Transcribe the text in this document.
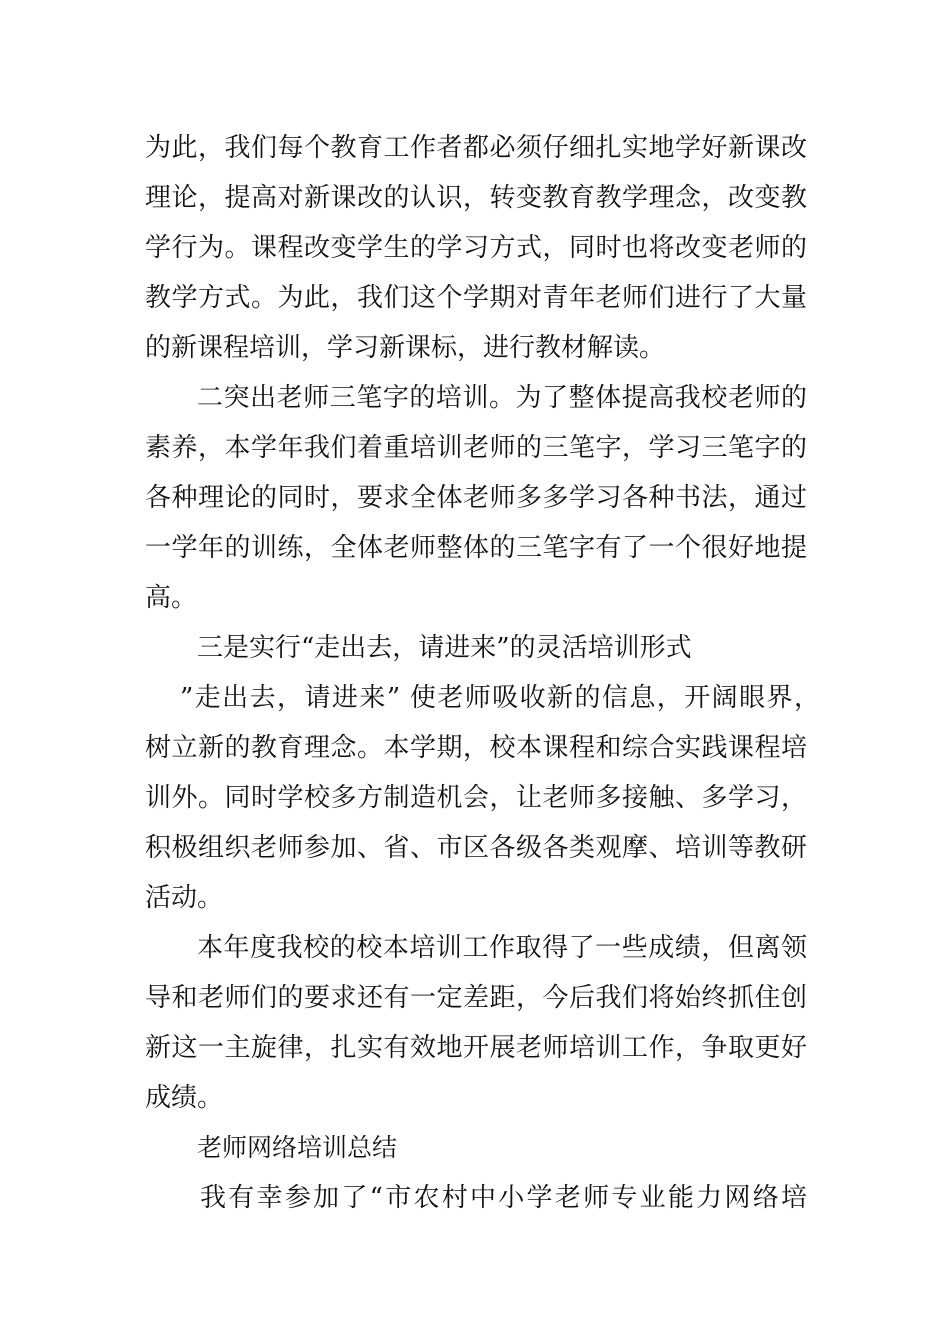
为此，我们每个教育工作者都必须仔细扎实地学好新课改

理论，提高对新课改的认识，转变教育教学理念，改变教

学行为。课程改变学生的学习方式，同时也将改变老师的

教学方式。为此，我们这个学期对青年老师们进行了大量

的新课程培训，学习新课标，进行教材解读。

二突出老师三笔字的培训。为了整体提高我校老师的

素养，本学年我们着重培训老师的三笔字，学习三笔字的

各种理论的同时，要求全体老师多多学习各种书法，通过

一学年的训练，全体老师整体的三笔字有了一个很好地提

高。

三是实行“走出去，请进来”的灵活培训形式

”走出去，请进来” 使老师吸收新的信息，开阔眼界，

树立新的教育理念。本学期，校本课程和综合实践课程培

训外。同时学校多方制造机会，让老师多接触、多学习，

积极组织老师参加、省、市区各级各类观摩、培训等教研

活动。

本年度我校的校本培训工作取得了一些成绩，但离领

导和老师们的要求还有一定差距，今后我们将始终抓住创

新这一主旋律，扎实有效地开展老师培训工作，争取更好

成绩。

老师网络培训总结

我有幸参加了“市农村中小学老师专业能力网络培
